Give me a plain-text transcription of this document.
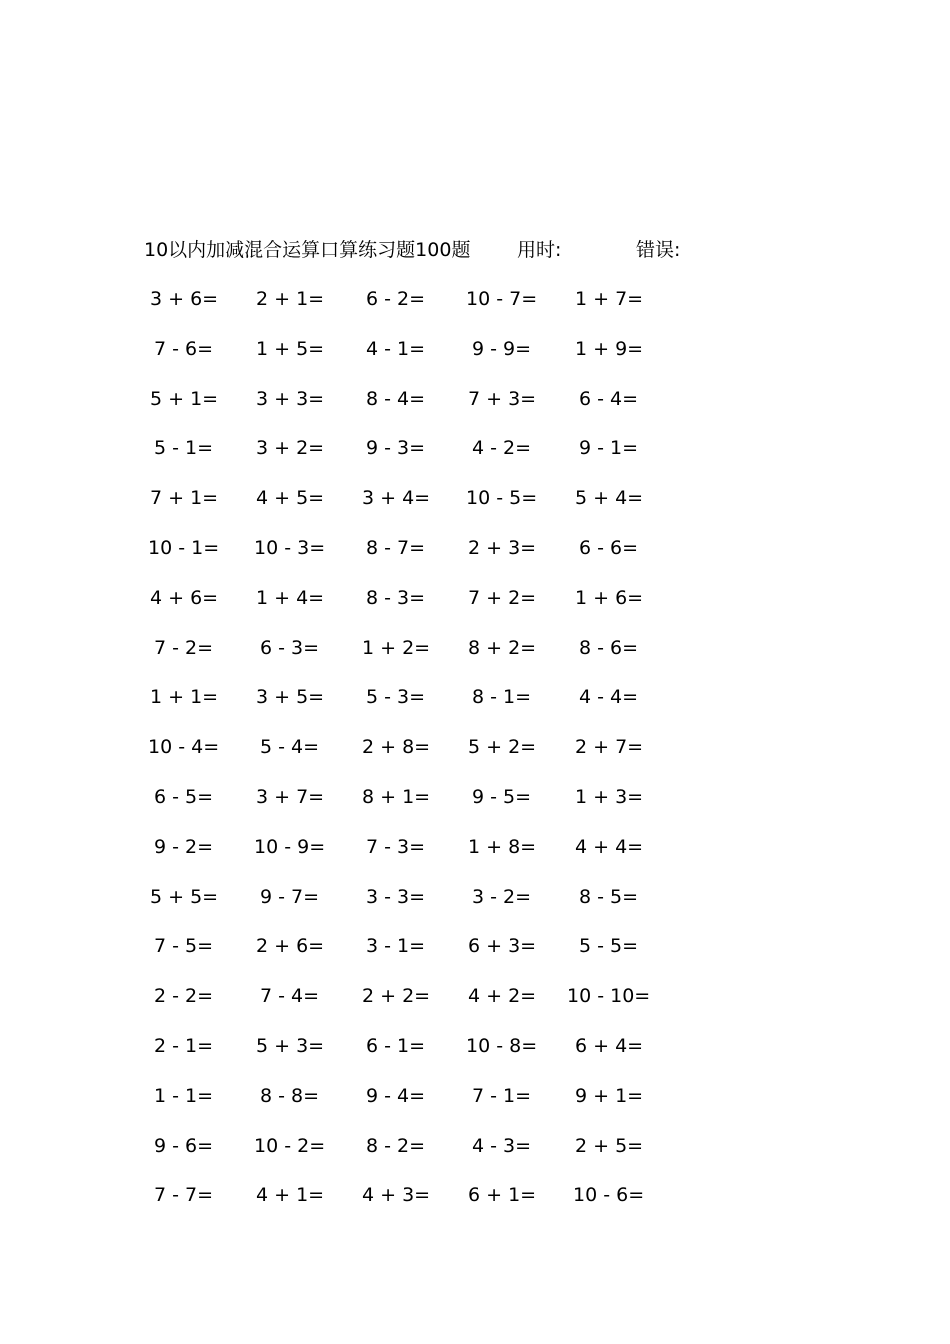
10以内加减混合运算口算练习题100题 用时:	错误:
3 + 6= 2 + 1= 6 - 2= 10 - 7= 1 + 7=
7 - 6= 1 + 5= 4 - 1= 9 - 9= 1 + 9=
5 + 1= 3 + 3= 8 - 4= 7 + 3= 6 - 4=
5 - 1= 3 + 2= 9 - 3= 4 - 2=	9 - 1=
7 + 1= 4 + 5= 3 + 4= 10 - 5= 5 + 4=
10 - 1= 10 - 3= 8 - 7= 2 + 3= 6 - 6=
4 + 6= 1 + 4= 8 - 3= 7 + 2= 1 + 6=
7 - 2= 6 - 3= 1 + 2= 8 + 2= 8 - 6=
1 + 1= 3 + 5= 5 - 3= 8 - 1=	4 - 4=
10 - 4= 5 - 4= 2 + 8= 5 + 2= 2 + 7=
6 - 5= 3 + 7= 8 + 1= 9 - 5= 1 + 3=
9 - 2= 10 - 9= 7 - 3= 1 + 8= 4 + 4=
5 + 5= 9 - 7= 3 - 3= 3 - 2=	8 - 5=
7 - 5= 2 + 6= 3 - 1= 6 + 3= 5 - 5=
2 - 2= 7 - 4= 2 + 2= 4 + 2= 10 - 10=
2 - 1= 5 + 3= 6 - 1= 10 - 8= 6 + 4=
1 - 1= 8 - 8= 9 - 4= 7 - 1= 9 + 1=
9 - 6= 10 - 2= 8 - 2= 4 - 3= 2 + 5=
7 - 7= 4 + 1= 4 + 3= 6 + 1= 10 - 6=
